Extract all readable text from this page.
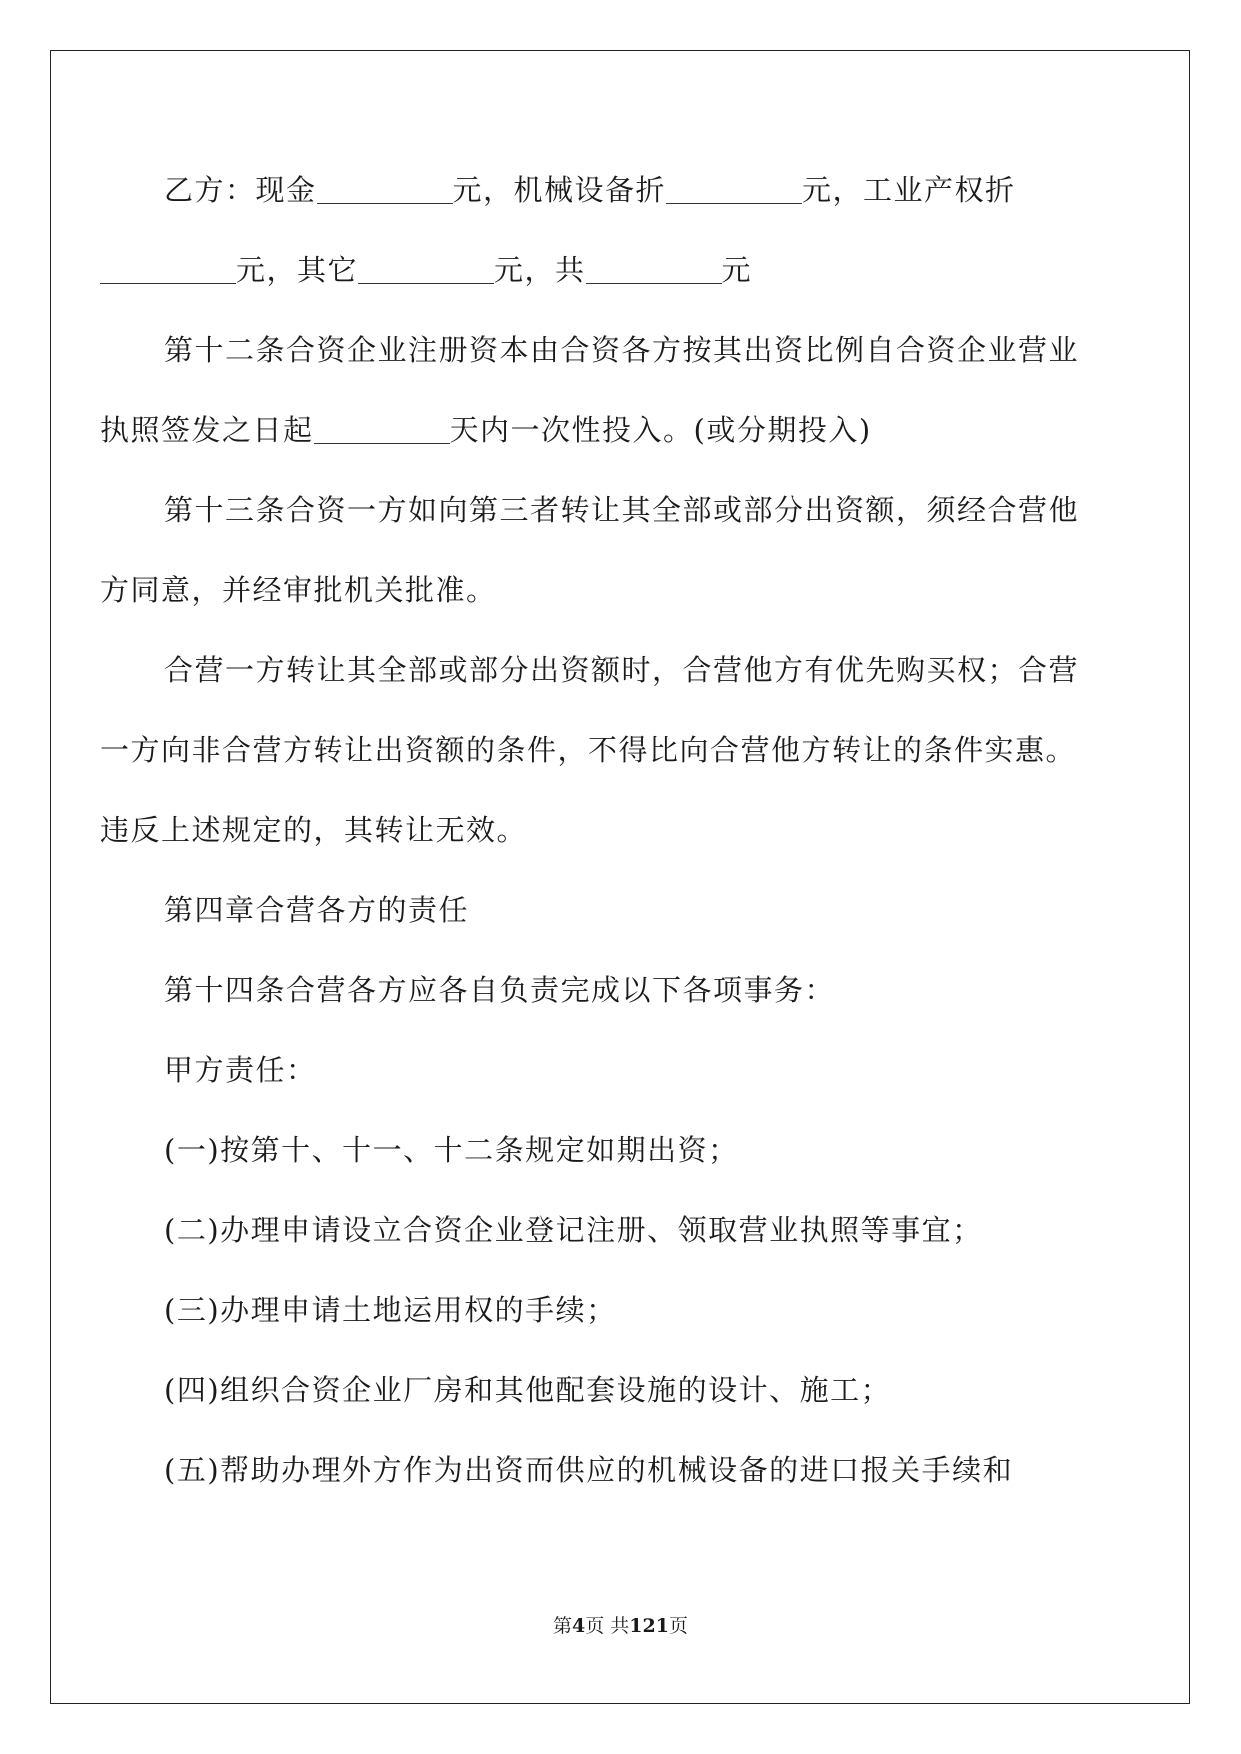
乙方：现金	元，机械设备折	元，工业产权折
元，其它	元，共	元

第十二条合资企业注册资本由合资各方按其出资比例自合资企业营业执照签发之日起	天内一次性投入。(或分期投入)

第十三条合资一方如向第三者转让其全部或部分出资额，须经合营他方同意，并经审批机关批准。

合营一方转让其全部或部分出资额时，合营他方有优先购买权；合营一方向非合营方转让出资额的条件，不得比向合营他方转让的条件实惠。违反上述规定的，其转让无效。

第四章合营各方的责任

第十四条合营各方应各自负责完成以下各项事务：

甲方责任：

(一)按第十、十一、十二条规定如期出资；

(二)办理申请设立合资企业登记注册、领取营业执照等事宜；

(三)办理申请土地运用权的手续；

(四)组织合资企业厂房和其他配套设施的设计、施工；

(五)帮助办理外方作为出资而供应的机械设备的进口报关手续和

第4页 共121页
